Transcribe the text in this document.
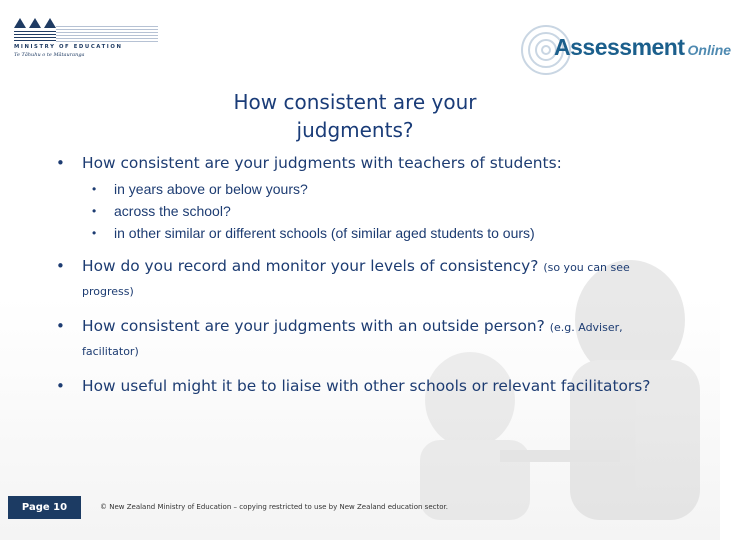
MINISTRY OF EDUCATION
Te Tāhuhu o te Mātauranga	Assessment Online
How consistent are your
judgments?
• How consistent are your judgments with teachers of students:
• in years above or below yours?
• across the school?
• in other similar or different schools (of similar aged students to ours)
• How do you record and monitor your levels of consistency? (so you can see progress)
• How consistent are your judgments with an outside person? (e.g. Adviser, facilitator)
• How useful might it be to liaise with other schools or relevant facilitators?
Page 10	© New Zealand Ministry of Education – copying restricted to use by New Zealand education sector.
